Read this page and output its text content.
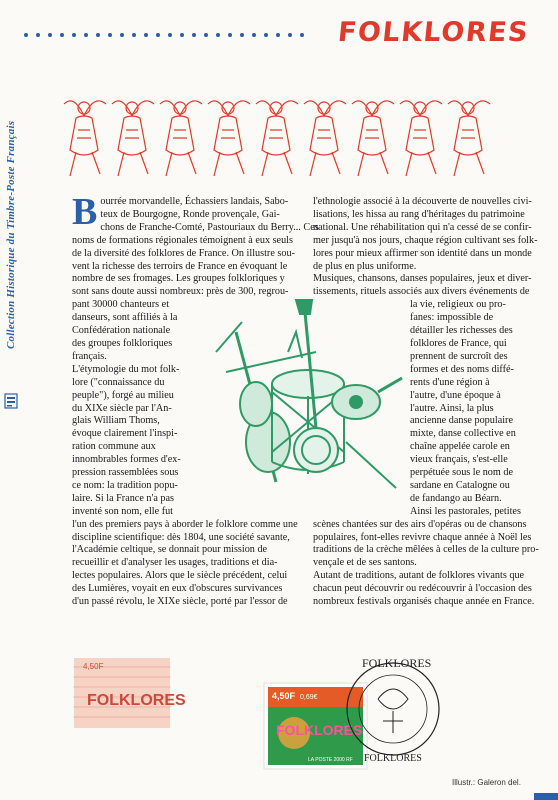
Collection Historique du Timbre-Poste Français
FOLKLORES
B ourrée morvandelle, Échassiers landais, Sabo-
teux de Bourgogne, Ronde provençale, Gai-
chons de Franche-Comté, Pastouriaux du Berry... Ces
noms de formations régionales témoignent à eux seuls
de la diversité des folklores de France. On illustre sou-
vent la richesse des terroirs de France en évoquant le
nombre de ses fromages. Les groupes folkloriques y
sont sans doute aussi nombreux: près de 300, regrou-
pant 30000 chanteurs et
danseurs, sont affiliés à la
Confédération nationale
des groupes folkloriques
français.
L'étymologie du mot folk-
lore ("connaissance du
peuple"), forgé au milieu
du XIXe siècle par l'An-
glais William Thoms,
évoque clairement l'inspi-
ration commune aux
innombrables formes d'ex-
pression rassemblées sous
ce nom: la tradition popu-
laire. Si la France n'a pas
inventé son nom, elle fut
l'un des premiers pays à aborder le folklore comme une
discipline scientifique: dès 1804, une société savante,
l'Académie celtique, se donnait pour mission de
recueillir et d'analyser les usages, traditions et dia-
lectes populaires. Alors que le siècle précédent, celui
des Lumières, voyait en eux d'obscures survivances
d'un passé révolu, le XIXe siècle, porté par l'essor de
l'ethnologie associé à la découverte de nouvelles civi-
lisations, les hissa au rang d'héritages du patrimoine
national. Une réhabilitation qui n'a cessé de se confir-
mer jusqu'à nos jours, chaque région cultivant ses folk-
lores pour mieux affirmer son identité dans un monde
de plus en plus uniforme.
Musiques, chansons, danses populaires, jeux et diver-
tissements, rituels associés aux divers événements de
la vie, religieux ou pro-
fanes: impossible de
détailler les richesses des
folklores de France, qui
prennent de surcroît des
formes et des noms diffé-
rents d'une région à
l'autre, d'une époque à
l'autre. Ainsi, la plus
ancienne danse populaire
mixte, danse collective en
chaîne appelée carole en
vieux français, s'est-elle
perpétuée sous le nom de
sardane en Catalogne ou
de fandango au Béarn.
Ainsi les pastorales, petites
scènes chantées sur des airs d'opéras ou de chansons
populaires, font-elles revivre chaque année à Noël les
traditions de la crèche mêlées à celles de la culture pro-
vençale et de ses santons.
Autant de traditions, autant de folklores vivants que
chacun peut découvrir ou redécouvrir à l'occasion des
nombreux festivals organisés chaque année en France.
4,50F
FOLKLORES	4,50F 0,69€
FOLKLORES
LA POSTE 2000 RF
FOLKLORES
FOLKLORES
Illustr.: Galeron del.
